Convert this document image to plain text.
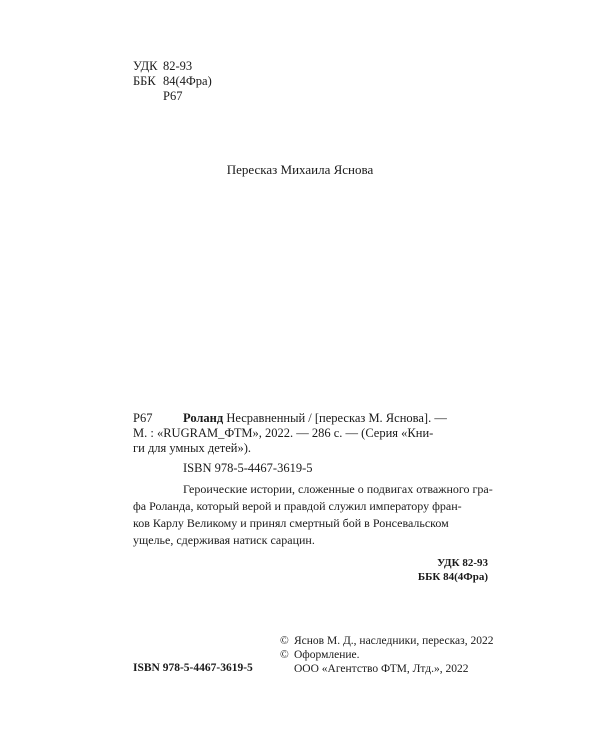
УДК 82-93
ББК 84(4Фра)
Р67
Пересказ Михаила Яснова
Р67 Роланд Несравненный / [пересказ М. Яснова]. —
М. : «RUGRAM_ФТМ», 2022. — 286 с. — (Серия «Кни-
ги для умных детей»).
ISBN 978-5-4467-3619-5
Героические истории, сложенные о подвигах отважного гра-
фа Роланда, который верой и правдой служил императору фран-
ков Карлу Великому и принял смертный бой в Ронсевальском
ущелье, сдерживая натиск сарацин.
УДК 82-93
ББК 84(4Фра)
© Яснов М. Д., наследники, пересказ, 2022
© Оформление.
ООО «Агентство ФТМ, Лтд.», 2022
ISBN 978-5-4467-3619-5
